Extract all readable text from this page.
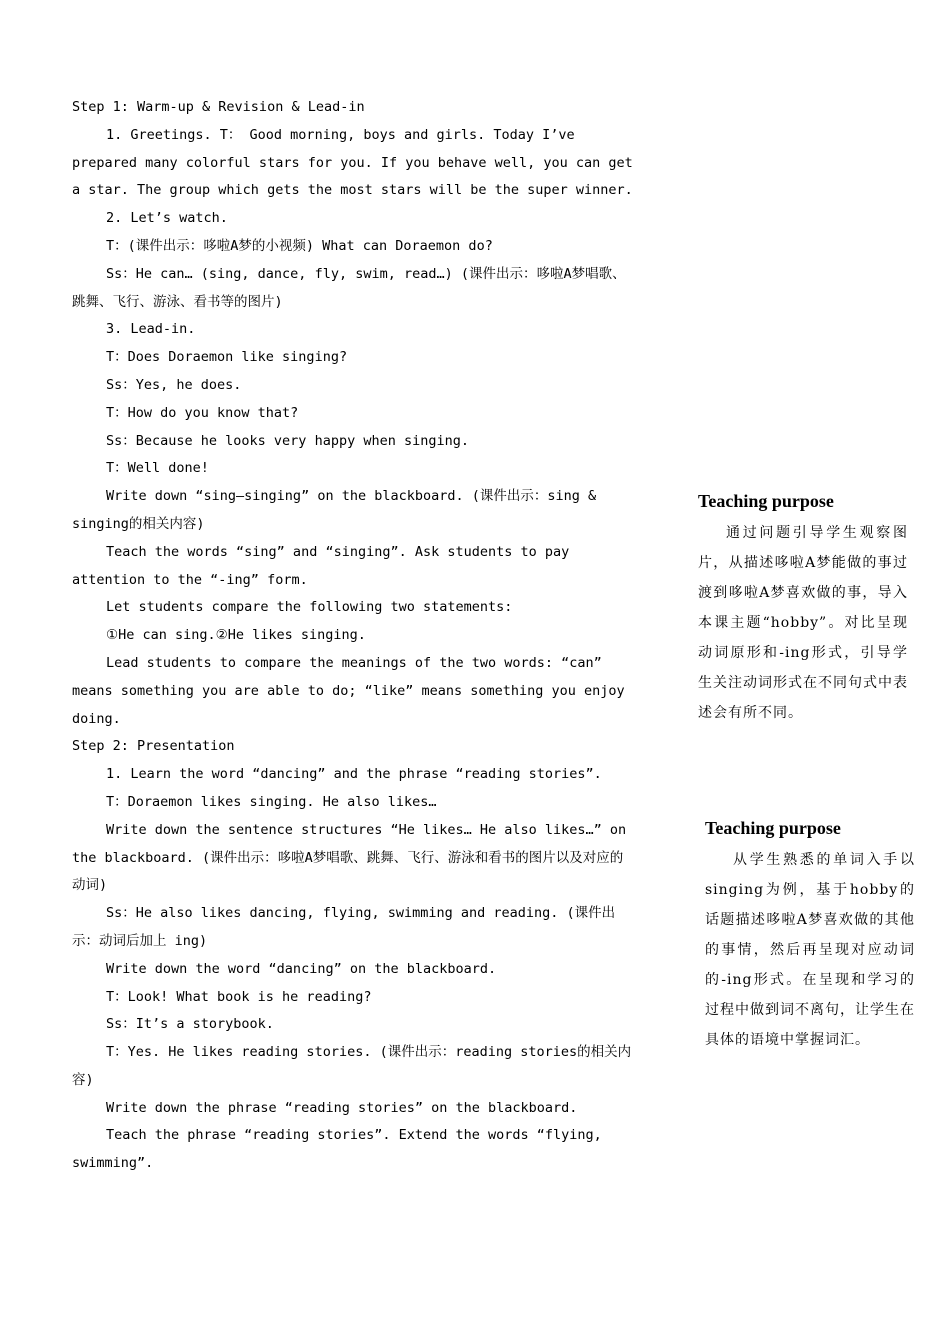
Step 1: Warm-up & Revision & Lead-in

1. Greetings. T： Good morning, boys and girls. Today I’ve prepared many colorful stars for you. If you behave well, you can get a star. The group which gets the most stars will be the super winner.

2. Let’s watch.

T：(课件出示：哆啦A梦的小视频) What can Doraemon do?

Ss：He can… (sing, dance, fly, swim, read…) (课件出示：哆啦A梦唱歌、跳舞、飞行、游泳、看书等的图片)

3. Lead-in.

T：Does Doraemon like singing?

Ss：Yes, he does.

T：How do you know that?

Ss：Because he looks very happy when singing.

T：Well done!

Write down “sing—singing” on the blackboard. (课件出示：sing & singing的相关内容)

Teach the words “sing” and “singing”. Ask students to pay attention to the “-ing” form.

Let students compare the following two statements:

①He can sing.②He likes singing.

Lead students to compare the meanings of the two words: “can” means something you are able to do; “like” means something you enjoy doing.

Step 2: Presentation

1. Learn the word “dancing” and the phrase “reading stories”.

T：Doraemon likes singing. He also likes…

Write down the sentence structures “He likes… He also likes…” on the blackboard. (课件出示：哆啦A梦唱歌、跳舞、飞行、游泳和看书的图片以及对应的动词)

Ss：He also likes dancing, flying, swimming and reading. (课件出示：动词后加上 ing)

Write down the word “dancing” on the blackboard.

T：Look! What book is he reading?

Ss：It’s a storybook.

T：Yes. He likes reading stories. (课件出示：reading stories的相关内容)

Write down the phrase “reading stories” on the blackboard.

Teach the phrase “reading stories”. Extend the words “flying, swimming”.

Teaching purpose

通过问题引导学生观察图片，从描述哆啦A梦能做的事过渡到哆啦A梦喜欢做的事，导入本课主题“hobby”。对比呈现动词原形和-ing形式，引导学生关注动词形式在不同句式中表述会有所不同。

Teaching purpose

从学生熟悉的单词入手以singing为例，基于hobby的话题描述哆啦A梦喜欢做的其他的事情，然后再呈现对应动词的-ing形式。在呈现和学习的过程中做到词不离句，让学生在具体的语境中掌握词汇。
